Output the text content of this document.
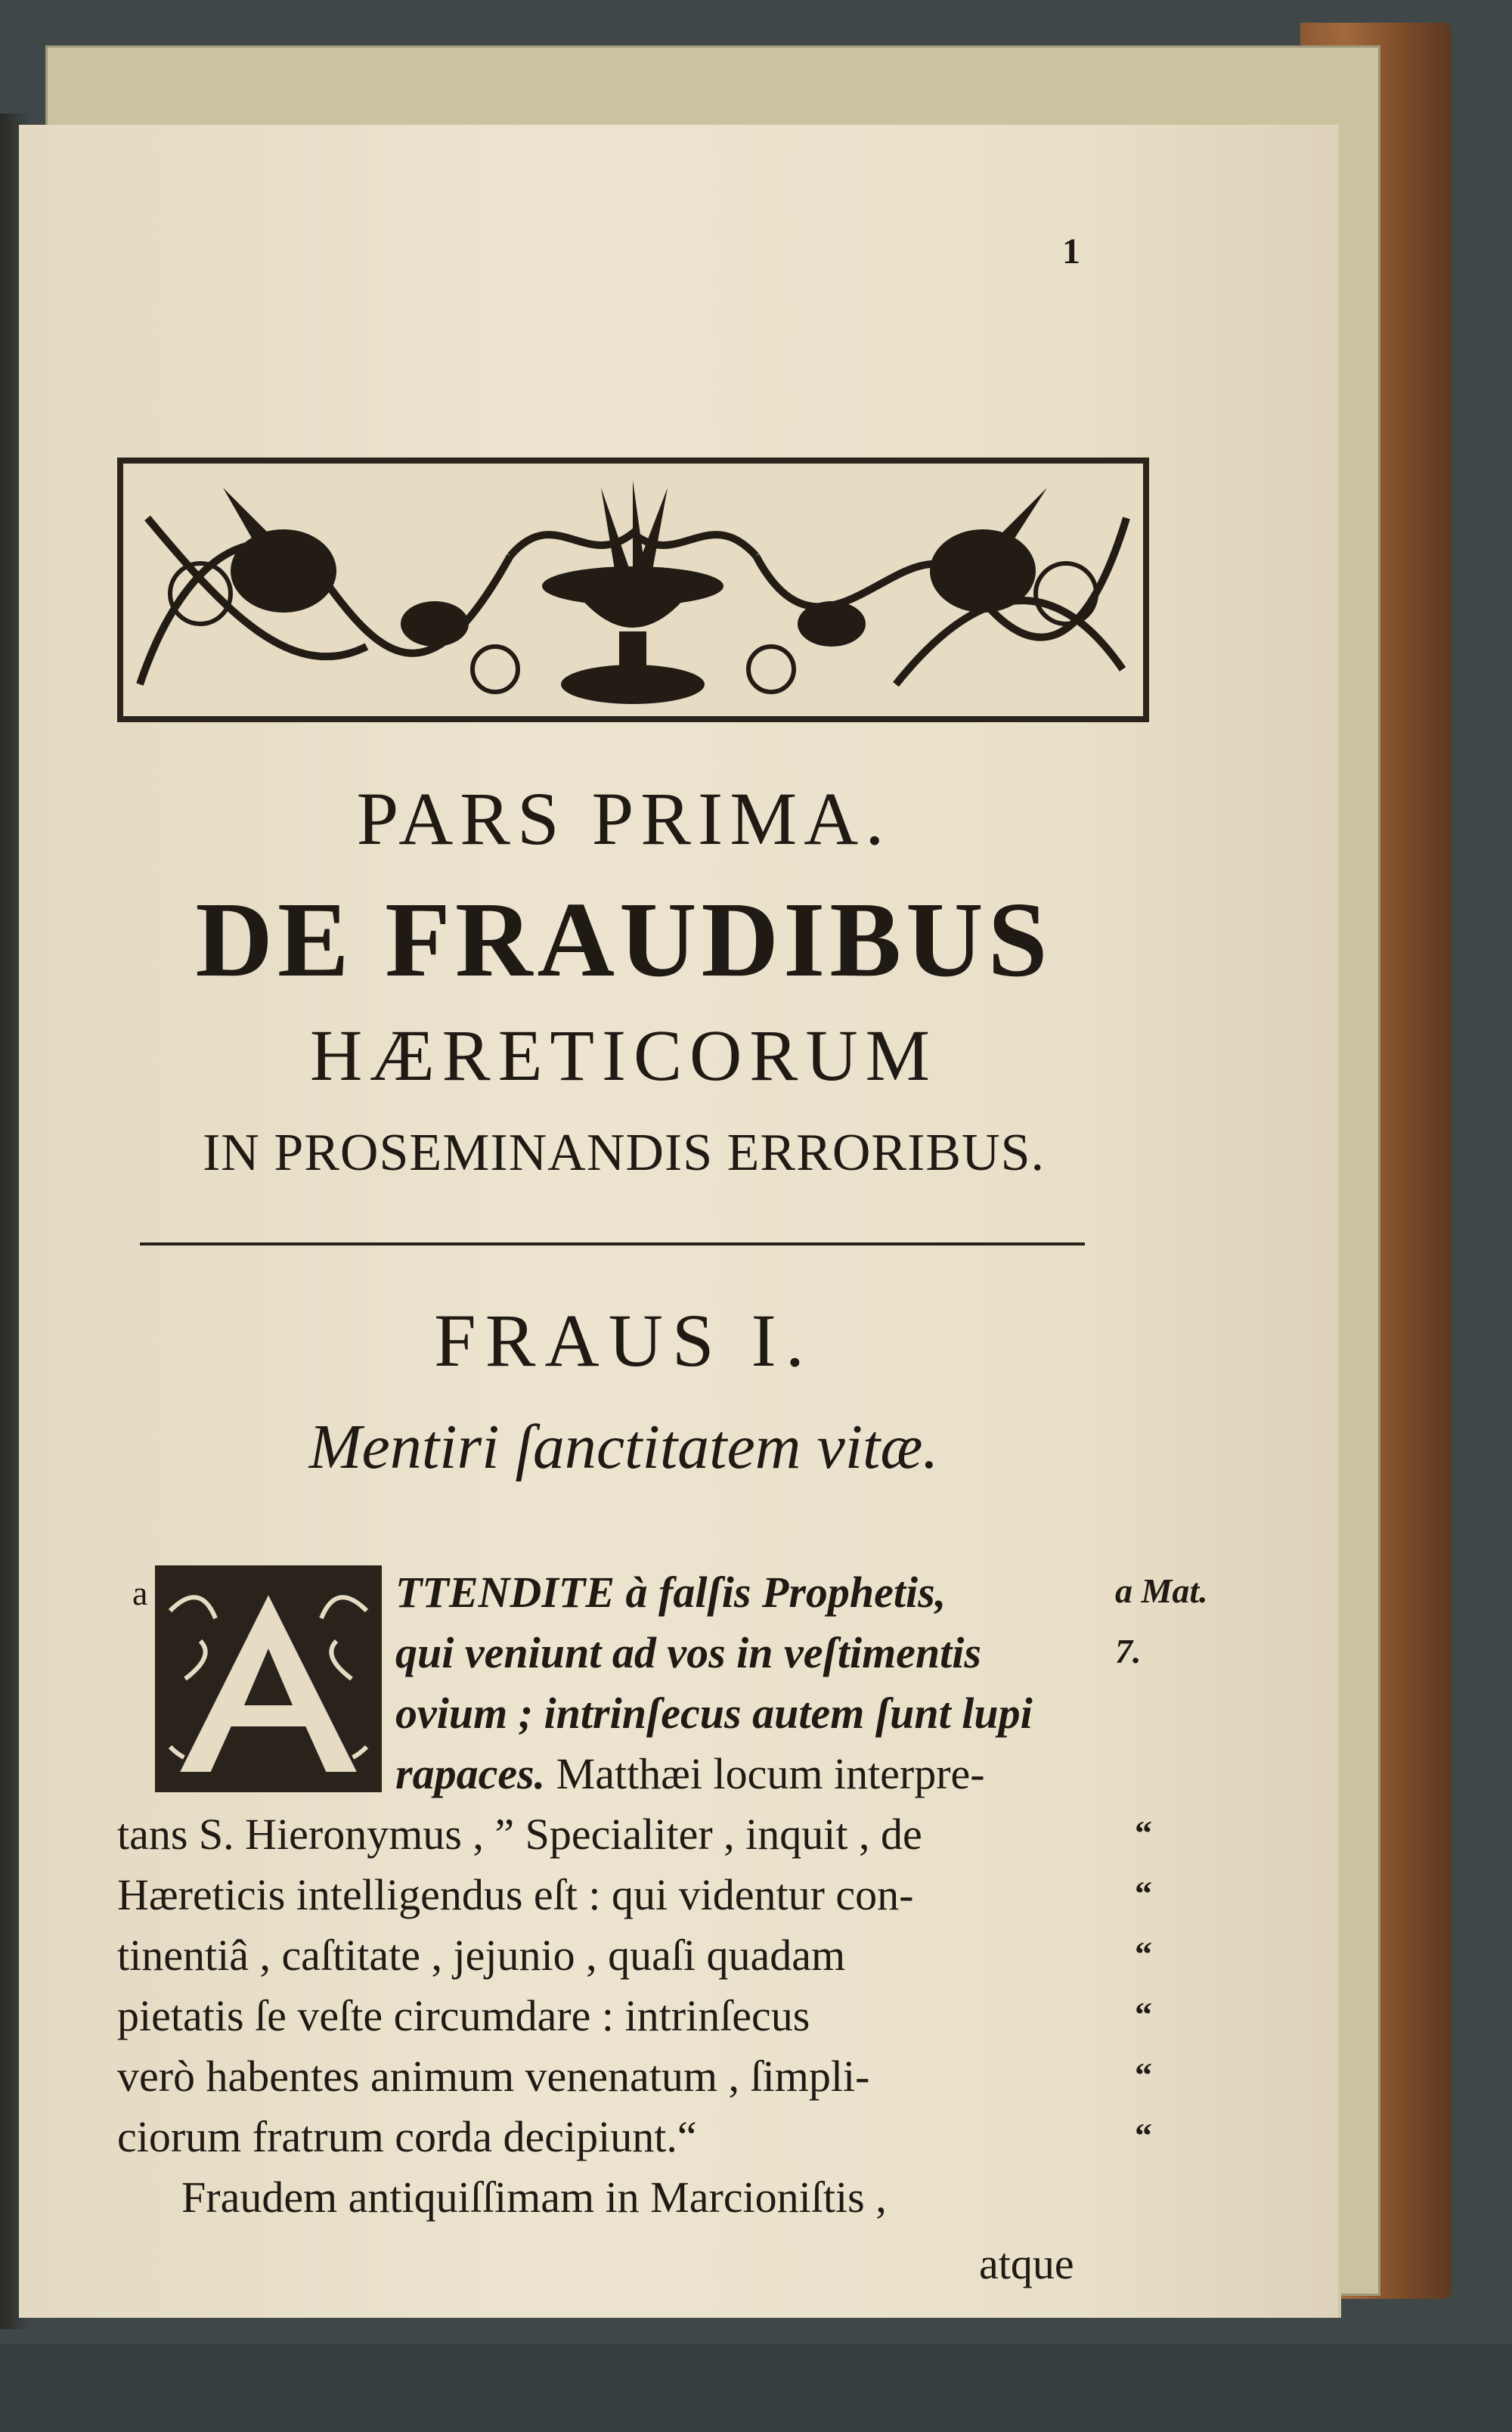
1
PARS PRIMA.
DE FRAUDIBUS
HÆRETICORUM
IN PROSEMINANDIS ERRORIBUS.
FRAUS I.
Mentiri ſanctitatem vitæ.
a	TTENDITE à falſis Prophetis,	a Mat.
qui veniunt ad vos in veſtimentis	7.
ovium ; intrinſecus autem ſunt lupi
rapaces. Matthæi locum interpre-
tans S. Hieronymus , ” Specialiter , inquit , de	“
Hæreticis intelligendus eſt : qui videntur con-	“
tinentiâ , caſtitate , jejunio , quaſi quadam	“
pietatis ſe veſte circumdare : intrinſecus	“
verò habentes animum venenatum , ſimpli-	“
ciorum fratrum corda decipiunt.“	“
Fraudem antiquiſſimam in Marcioniſtis ,
atque
